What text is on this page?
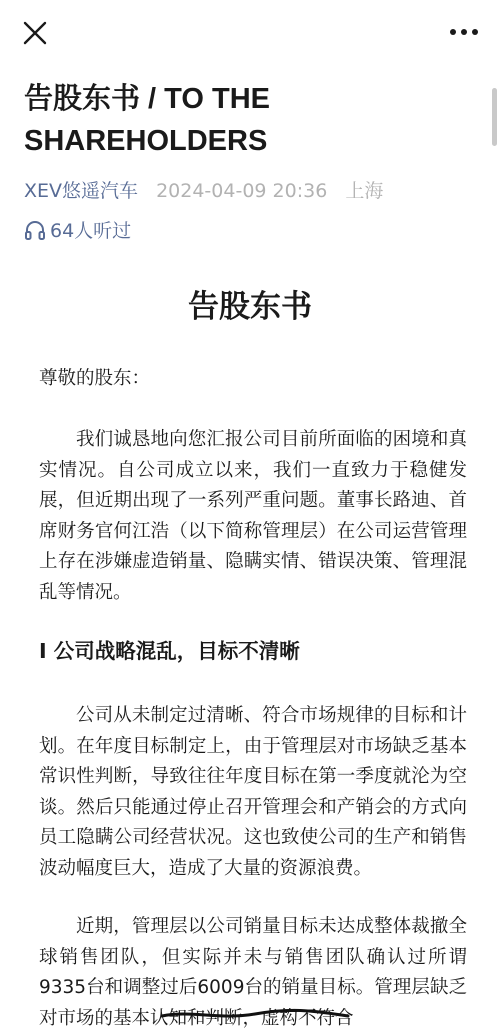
告股东书 / TO THE SHAREHOLDERS
XEV悠遥汽车 2024-04-09 20:36 上海
64人听过
告股东书
尊敬的股东：
我们诚恳地向您汇报公司目前所面临的困境和真实情况。自公司成立以来，我们一直致力于稳健发展，但近期出现了一系列严重问题。董事长路迪、首席财务官何江浩（以下简称管理层）在公司运营管理上存在涉嫌虚造销量、隐瞒实情、错误决策、管理混乱等情况。
I 公司战略混乱，目标不清晰
公司从未制定过清晰、符合市场规律的目标和计划。在年度目标制定上，由于管理层对市场缺乏基本常识性判断，导致往往年度目标在第一季度就沦为空谈。然后只能通过停止召开管理会和产销会的方式向员工隐瞒公司经营状况。这也致使公司的生产和销售波动幅度巨大，造成了大量的资源浪费。
近期，管理层以公司销量目标未达成整体裁撤全球销售团队，但实际并未与销售团队确认过所谓9335台和调整过后6009台的销量目标。管理层缺乏对市场的基本认知和判断，虚构不符合
